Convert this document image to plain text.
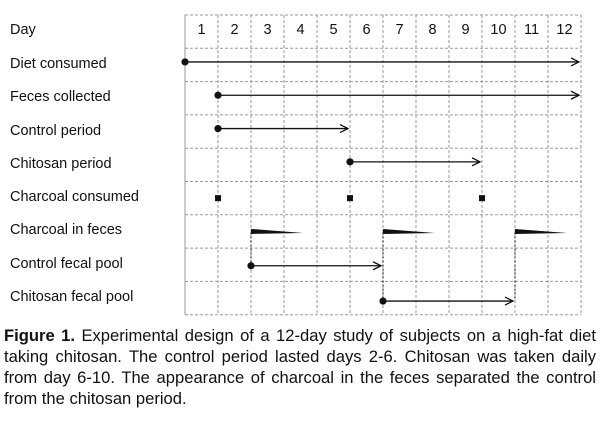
Day
Diet consumed
Feces collected
Control period
Chitosan period
Charcoal consumed
Charcoal in feces
Control fecal pool
Chitosan fecal pool
1	2	3	4	5	6	7	8	9	10	11	12
Figure 1. Experimental design of a 12-day study of subjects on a high-fat diet taking chitosan. The control period lasted days 2-6. Chitosan was taken daily from day 6-10. The appearance of charcoal in the feces separated the control from the chitosan period.
